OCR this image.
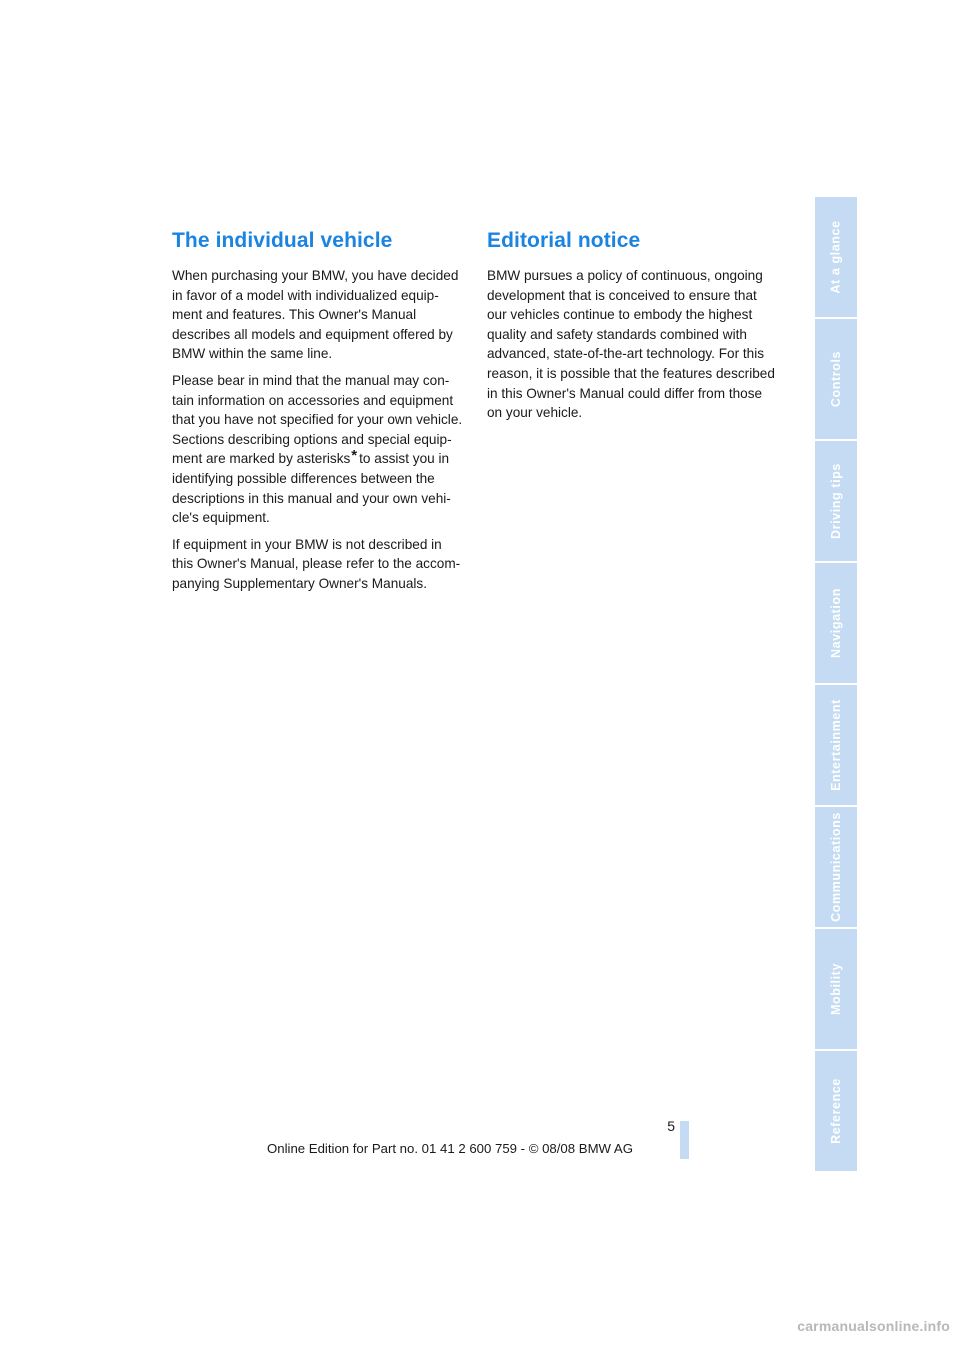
The individual vehicle

When purchasing your BMW, you have decided
in favor of a model with individualized equip-
ment and features. This Owner's Manual
describes all models and equipment offered by
BMW within the same line.

Please bear in mind that the manual may con-
tain information on accessories and equipment
that you have not specified for your own vehicle.
Sections describing options and special equip-
ment are marked by asterisks* to assist you in
identifying possible differences between the
descriptions in this manual and your own vehi-
cle's equipment.

If equipment in your BMW is not described in
this Owner's Manual, please refer to the accom-
panying Supplementary Owner's Manuals.

Editorial notice

BMW pursues a policy of continuous, ongoing
development that is conceived to ensure that
our vehicles continue to embody the highest
quality and safety standards combined with
advanced, state-of-the-art technology. For this
reason, it is possible that the features described
in this Owner's Manual could differ from those
on your vehicle.

At a glance
Controls
Driving tips
Navigation
Entertainment
Communications
Mobility
Reference
5
Online Edition for Part no. 01 41 2 600 759 - © 08/08 BMW AG
carmanualsonline.info
